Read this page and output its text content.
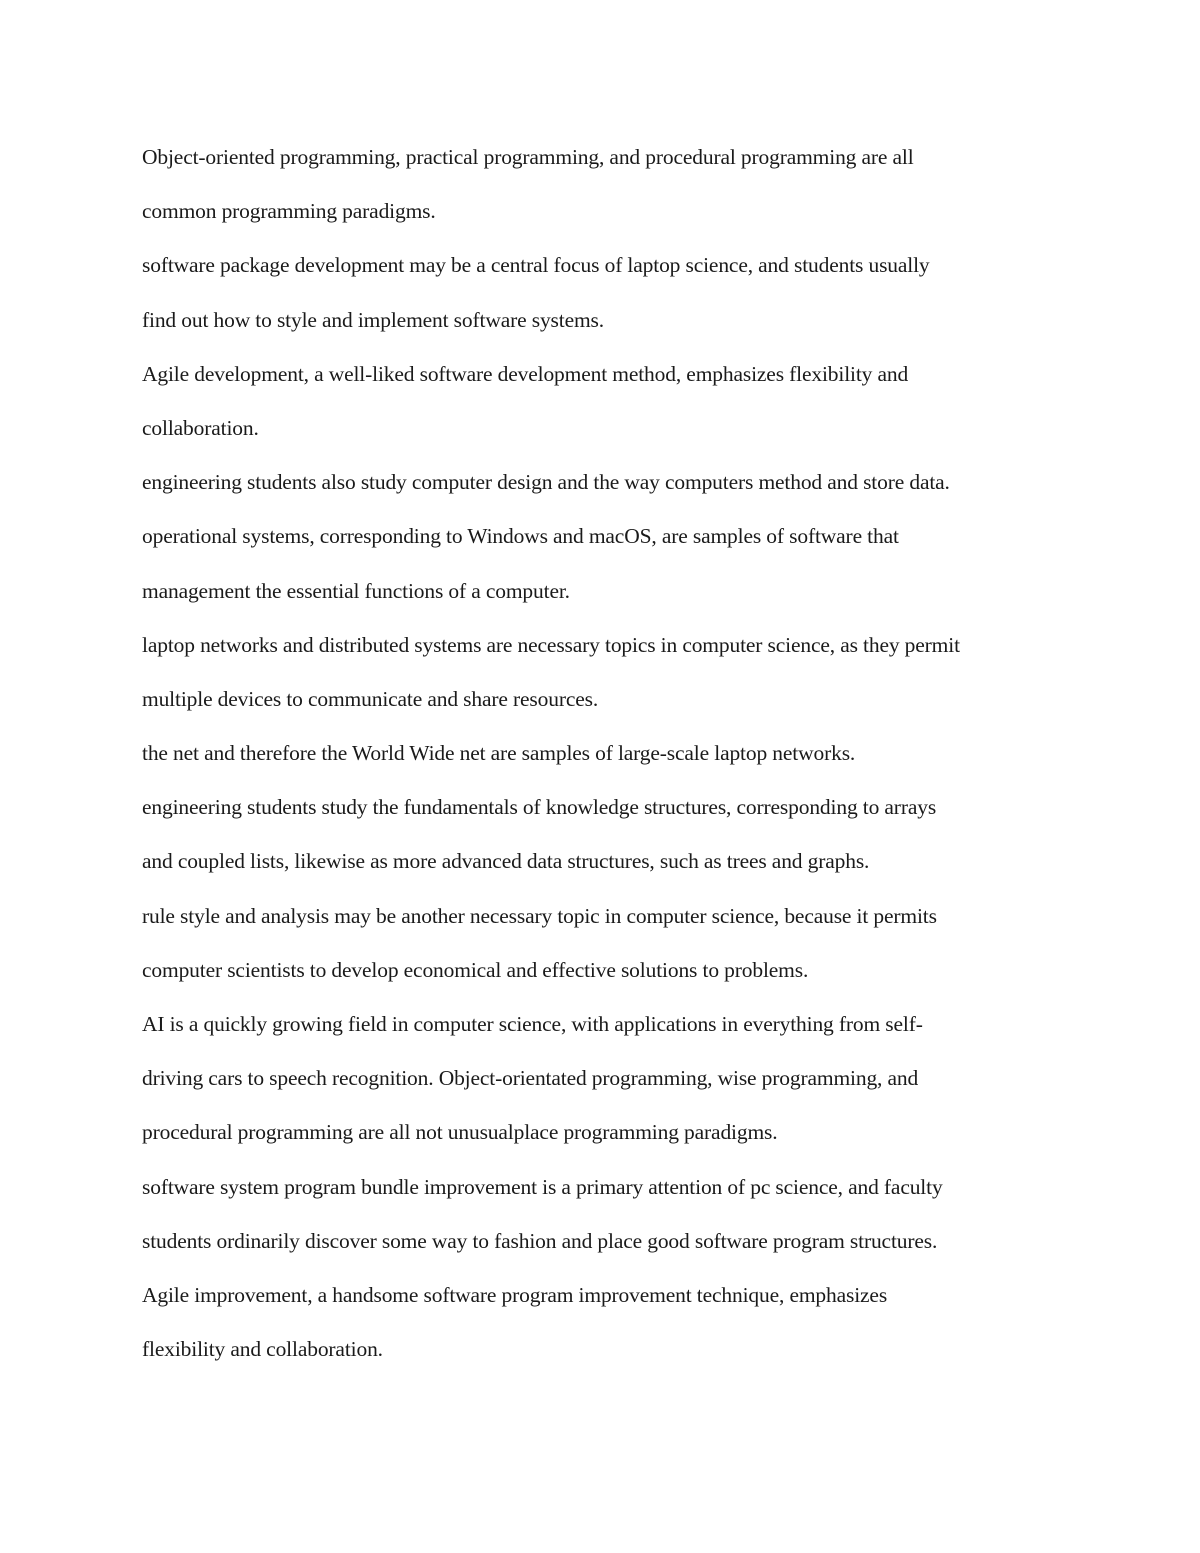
Object-oriented programming, practical programming, and procedural programming are all
common programming paradigms.
software package development may be a central focus of laptop science, and students usually
find out how to style and implement software systems.
Agile development, a well-liked software development method, emphasizes flexibility and
collaboration.
engineering students also study computer design and the way computers method and store data.
operational systems, corresponding to Windows and macOS, are samples of software that
management the essential functions of a computer.
laptop networks and distributed systems are necessary topics in computer science, as they permit
multiple devices to communicate and share resources.
the net and therefore the World Wide net are samples of large-scale laptop networks.
engineering students study the fundamentals of knowledge structures, corresponding to arrays
and coupled lists, likewise as more advanced data structures, such as trees and graphs.
rule style and analysis may be another necessary topic in computer science, because it permits
computer scientists to develop economical and effective solutions to problems.
AI is a quickly growing field in computer science, with applications in everything from self-
driving cars to speech recognition. Object-orientated programming, wise programming, and
procedural programming are all not unusualplace programming paradigms.
software system program bundle improvement is a primary attention of pc science, and faculty
students ordinarily discover some way to fashion and place good software program structures.
Agile improvement, a handsome software program improvement technique, emphasizes
flexibility and collaboration.
